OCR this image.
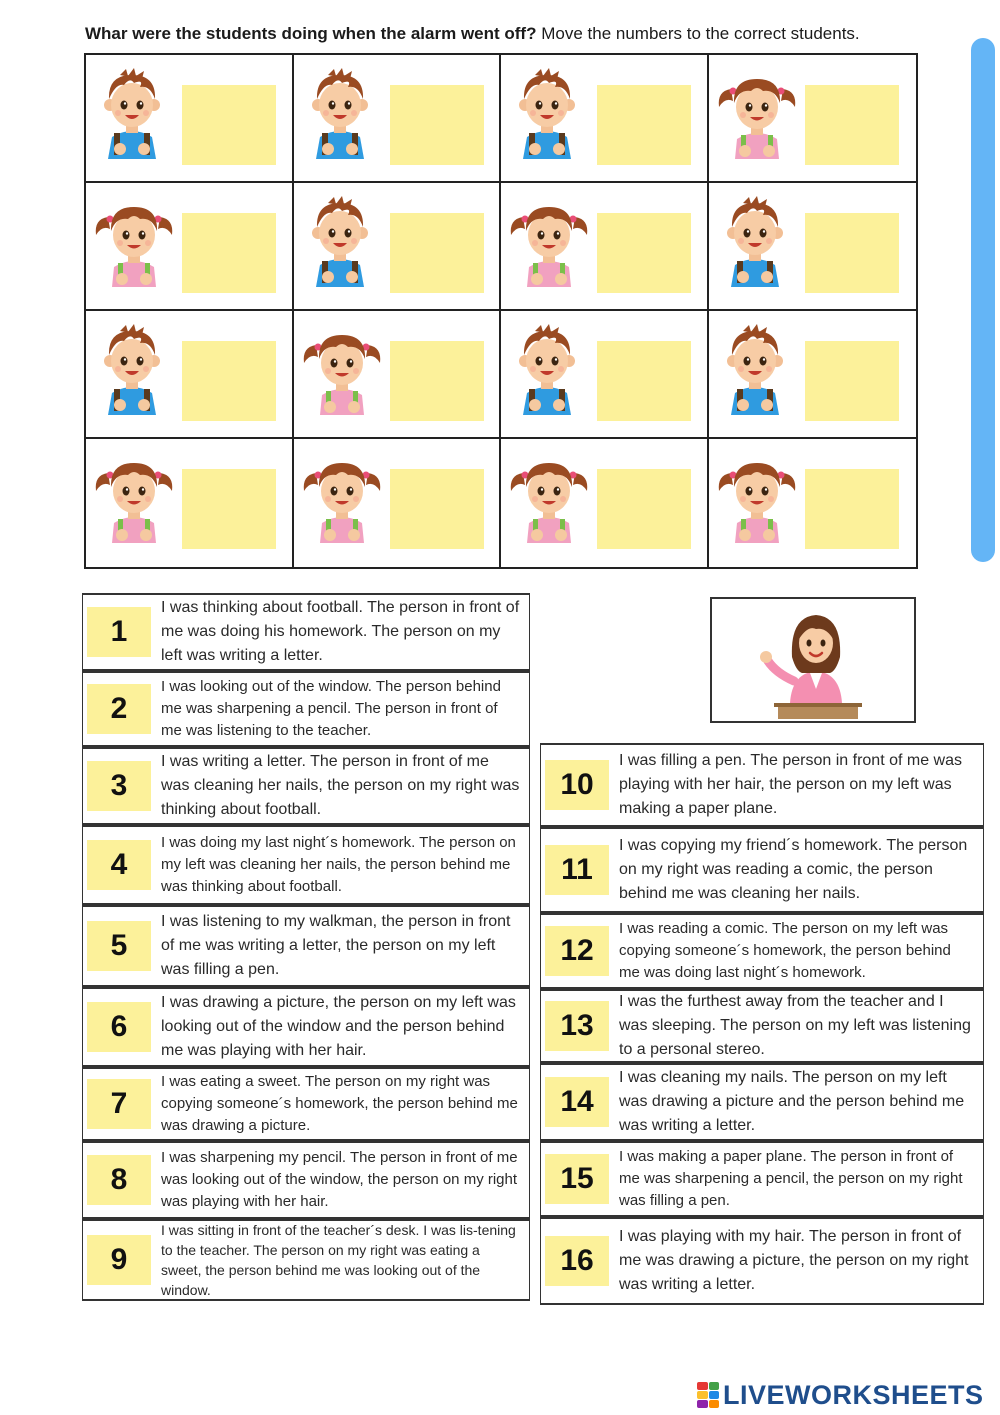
Whar were the students doing when the alarm went off? Move the numbers to the correct students.
1
I was thinking about football. The person in front of me was doing his homework. The person on my left was writing a letter.
2
I was looking out of the window. The person behind me was sharpening a pencil. The person in front of me was listening to the teacher.
3
I was writing a letter. The person in front of me was cleaning her nails, the person on my right was thinking about football.
4
I was doing my last night´s homework. The person on my left was cleaning her nails, the person behind me was thinking about football.
5
I was listening to my walkman, the person in front of me was writing a letter, the person on my left was filling a pen.
6
I was drawing a picture, the person on my left was looking out of the window and the person behind me was playing with her hair.
7
I was eating a sweet. The person on my right was copying someone´s homework, the person behind me was drawing a picture.
8
I was sharpening my pencil. The person in front of me was looking out of the window, the person on my right was playing with her hair.
9
I was sitting in front of the teacher´s desk. I was lis-tening to the teacher. The person on my right was eating a sweet, the person behind me was looking out of the window.
10
I was filling a pen. The person in front of me was playing with her hair, the person on my left was making a paper plane.
11
I was copying my friend´s homework. The person on my right was reading a comic, the person behind me was cleaning her nails.
12
I was reading a comic. The person on my left was copying someone´s homework, the person behind me was doing last night´s homework.
13
I was the furthest away from the teacher and I was sleeping. The person on my left was listening to a personal stereo.
14
I was cleaning my nails. The person on my left was drawing a picture and the person behind me was writing a letter.
15
I was making a paper plane. The person in front of me was sharpening a pencil, the person on my right was filling a pen.
16
I was playing with my hair. The person in front of me was drawing a picture, the person on my right was writing a letter.
LIVEWORKSHEETS
